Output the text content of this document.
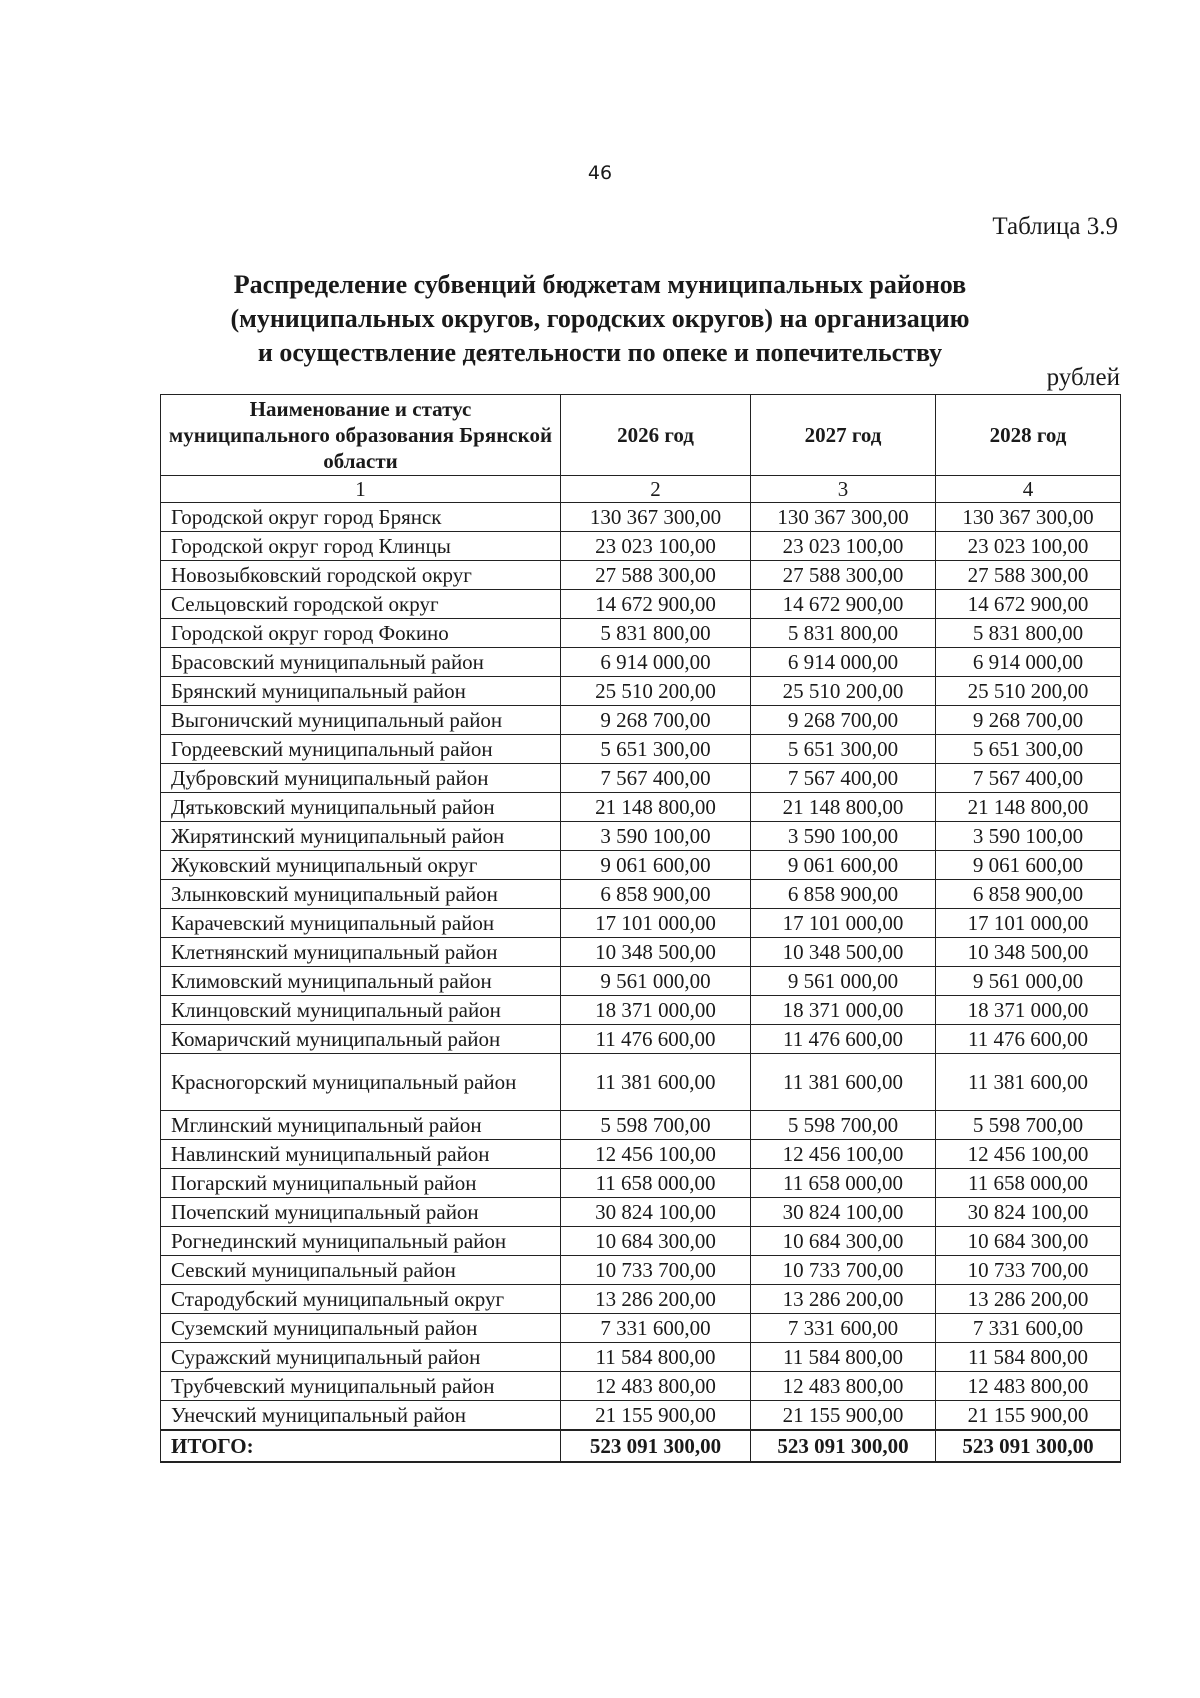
46
Таблица 3.9
Распределение субвенций бюджетам муниципальных районов
(муниципальных округов, городских округов) на организацию
и осуществление деятельности по опеке и попечительству
рублей
Наименование и статус муниципального образования Брянской области	2026 год	2027 год	2028 год
1	2	3	4
Городской округ город Брянск	130 367 300,00	130 367 300,00	130 367 300,00
Городской округ город Клинцы	23 023 100,00	23 023 100,00	23 023 100,00
Новозыбковский городской округ	27 588 300,00	27 588 300,00	27 588 300,00
Сельцовский городской округ	14 672 900,00	14 672 900,00	14 672 900,00
Городской округ город Фокино	5 831 800,00	5 831 800,00	5 831 800,00
Брасовский муниципальный район	6 914 000,00	6 914 000,00	6 914 000,00
Брянский муниципальный район	25 510 200,00	25 510 200,00	25 510 200,00
Выгоничский муниципальный район	9 268 700,00	9 268 700,00	9 268 700,00
Гордеевский муниципальный район	5 651 300,00	5 651 300,00	5 651 300,00
Дубровский муниципальный район	7 567 400,00	7 567 400,00	7 567 400,00
Дятьковский муниципальный район	21 148 800,00	21 148 800,00	21 148 800,00
Жирятинский муниципальный район	3 590 100,00	3 590 100,00	3 590 100,00
Жуковский муниципальный округ	9 061 600,00	9 061 600,00	9 061 600,00
Злынковский муниципальный район	6 858 900,00	6 858 900,00	6 858 900,00
Карачевский муниципальный район	17 101 000,00	17 101 000,00	17 101 000,00
Клетнянский муниципальный район	10 348 500,00	10 348 500,00	10 348 500,00
Климовский муниципальный район	9 561 000,00	9 561 000,00	9 561 000,00
Клинцовский муниципальный район	18 371 000,00	18 371 000,00	18 371 000,00
Комаричский муниципальный район	11 476 600,00	11 476 600,00	11 476 600,00
Красногорский муниципальный район	11 381 600,00	11 381 600,00	11 381 600,00
Мглинский муниципальный район	5 598 700,00	5 598 700,00	5 598 700,00
Навлинский муниципальный район	12 456 100,00	12 456 100,00	12 456 100,00
Погарский муниципальный район	11 658 000,00	11 658 000,00	11 658 000,00
Почепский муниципальный район	30 824 100,00	30 824 100,00	30 824 100,00
Рогнединский муниципальный район	10 684 300,00	10 684 300,00	10 684 300,00
Севский муниципальный район	10 733 700,00	10 733 700,00	10 733 700,00
Стародубский муниципальный округ	13 286 200,00	13 286 200,00	13 286 200,00
Суземский муниципальный район	7 331 600,00	7 331 600,00	7 331 600,00
Суражский муниципальный район	11 584 800,00	11 584 800,00	11 584 800,00
Трубчевский муниципальный район	12 483 800,00	12 483 800,00	12 483 800,00
Унечский муниципальный район	21 155 900,00	21 155 900,00	21 155 900,00
ИТОГО:	523 091 300,00	523 091 300,00	523 091 300,00
